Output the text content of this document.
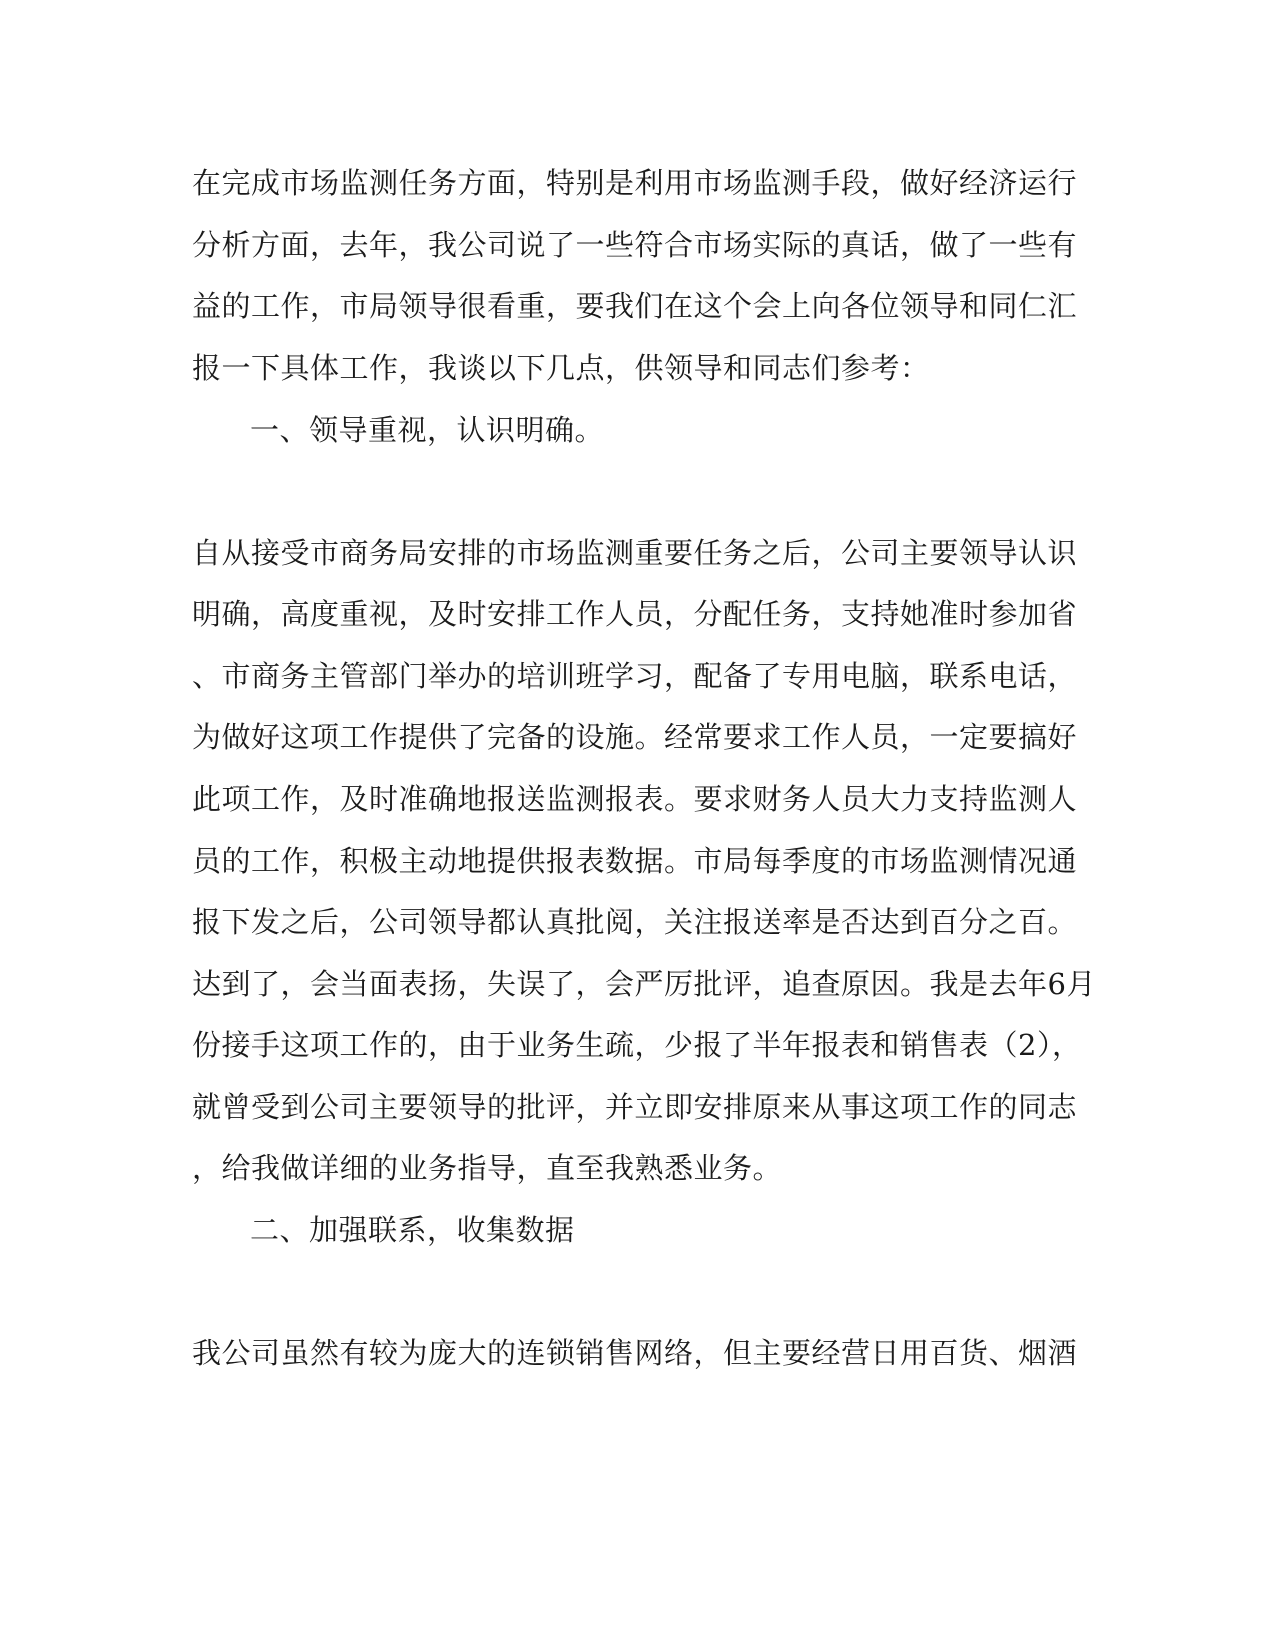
在完成市场监测任务方面，特别是利用市场监测手段，做好经济运行
分析方面，去年，我公司说了一些符合市场实际的真话，做了一些有
益的工作，市局领导很看重，要我们在这个会上向各位领导和同仁汇
报一下具体工作，我谈以下几点，供领导和同志们参考：
一、领导重视，认识明确。
自从接受市商务局安排的市场监测重要任务之后，公司主要领导认识
明确，高度重视，及时安排工作人员，分配任务，支持她准时参加省
、市商务主管部门举办的培训班学习，配备了专用电脑，联系电话，
为做好这项工作提供了完备的设施。经常要求工作人员，一定要搞好
此项工作，及时准确地报送监测报表。要求财务人员大力支持监测人
员的工作，积极主动地提供报表数据。市局每季度的市场监测情况通
报下发之后，公司领导都认真批阅，关注报送率是否达到百分之百。
达到了，会当面表扬，失误了，会严厉批评，追查原因。我是去年6月
份接手这项工作的，由于业务生疏，少报了半年报表和销售表（2），
就曾受到公司主要领导的批评，并立即安排原来从事这项工作的同志
，给我做详细的业务指导，直至我熟悉业务。
二、加强联系，收集数据
我公司虽然有较为庞大的连锁销售网络，但主要经营日用百货、烟酒
